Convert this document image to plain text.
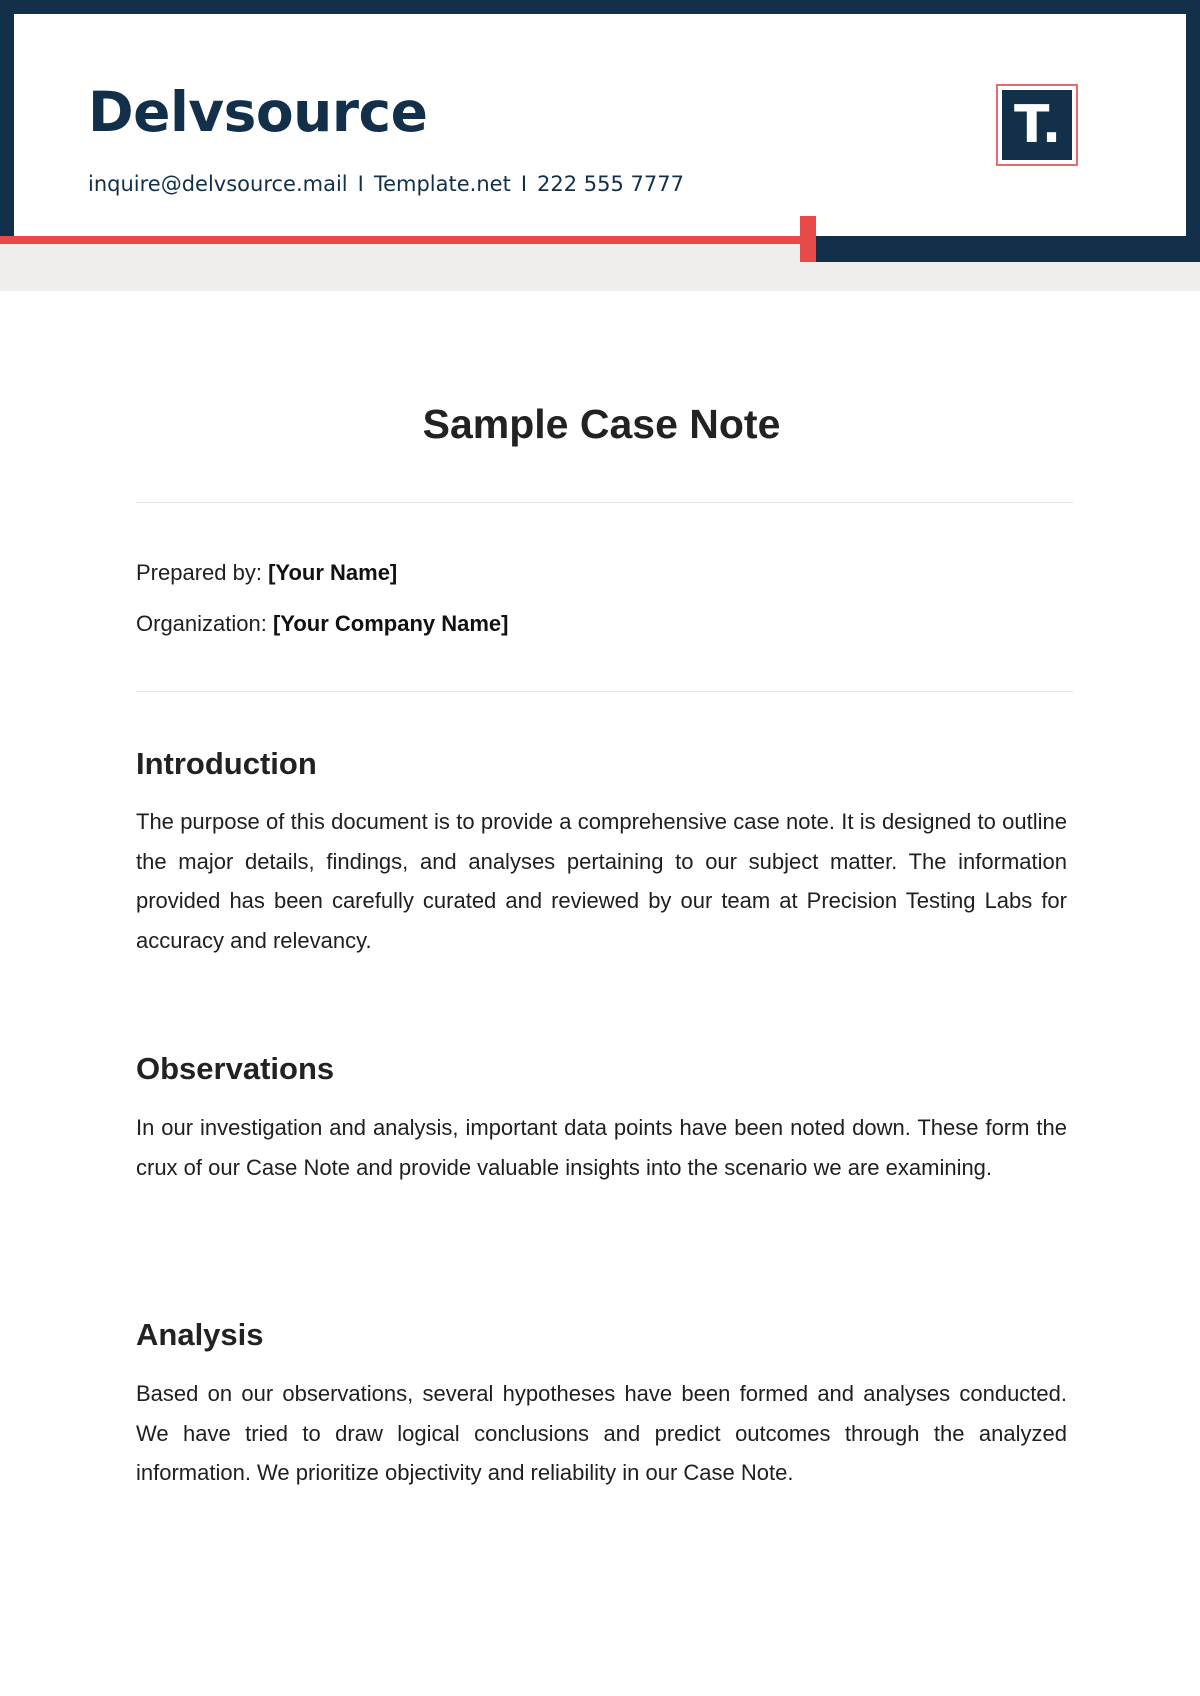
Delvsource
inquire@delvsource.mail I Template.net I 222 555 7777
T.
Sample Case Note
Prepared by: [Your Name]
Organization: [Your Company Name]
Introduction

The purpose of this document is to provide a comprehensive case note. It is designed to outline the major details, findings, and analyses pertaining to our subject matter. The information provided has been carefully curated and reviewed by our team at Precision Testing Labs for accuracy and relevancy.

Observations

In our investigation and analysis, important data points have been noted down. These form the crux of our Case Note and provide valuable insights into the scenario we are examining.

Analysis

Based on our observations, several hypotheses have been formed and analyses conducted. We have tried to draw logical conclusions and predict outcomes through the analyzed information. We prioritize objectivity and reliability in our Case Note.
